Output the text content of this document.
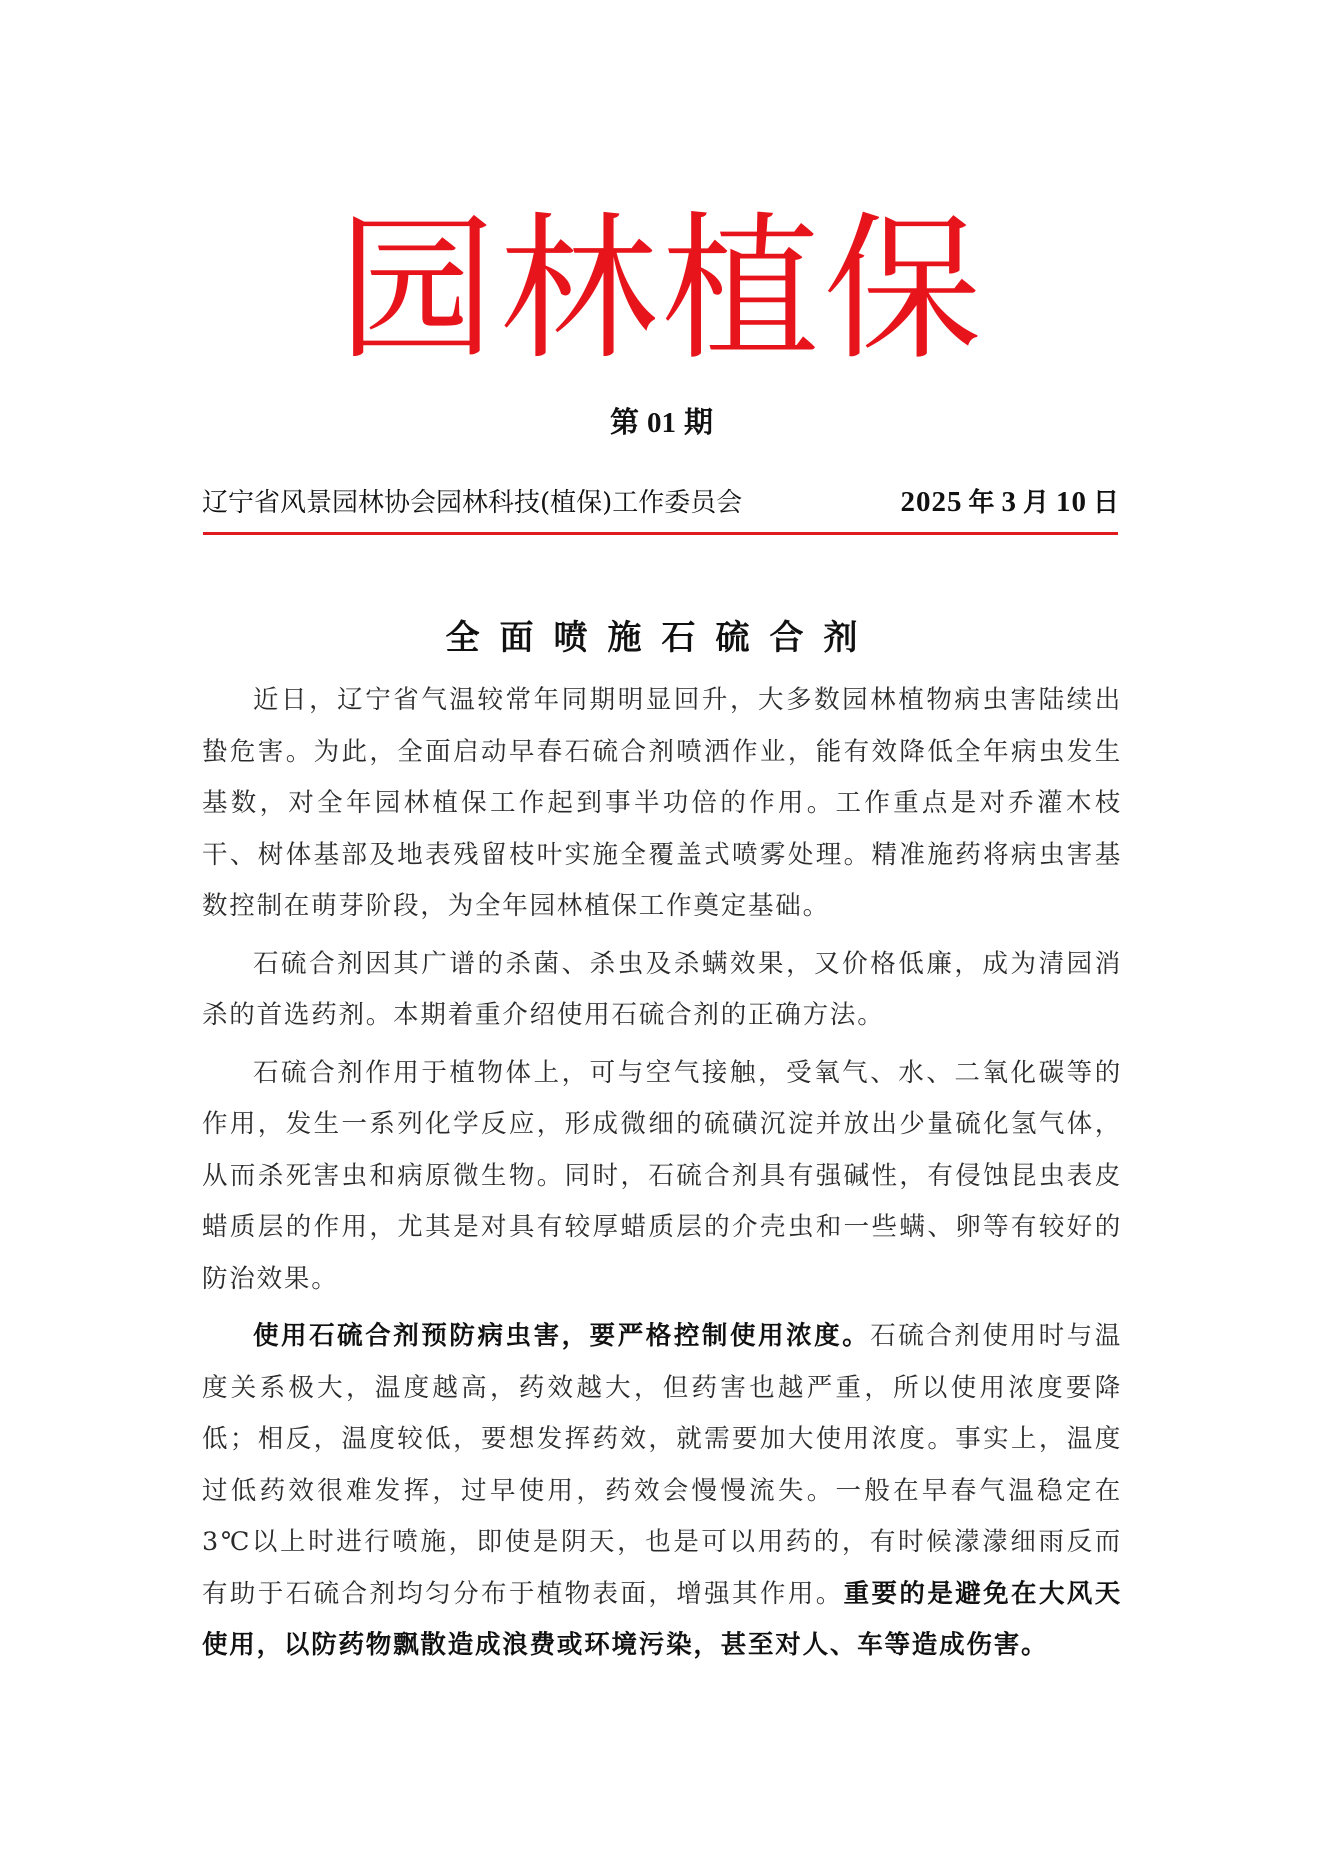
园林植保
第 01 期
辽宁省风景园林协会园林科技(植保)工作委员会	2025 年 3 月 10 日
全面喷施石硫合剂

近日，辽宁省气温较常年同期明显回升，大多数园林植物病虫害陆续出蛰危害。为此，全面启动早春石硫合剂喷洒作业，能有效降低全年病虫发生基数，对全年园林植保工作起到事半功倍的作用。工作重点是对乔灌木枝干、树体基部及地表残留枝叶实施全覆盖式喷雾处理。精准施药将病虫害基数控制在萌芽阶段，为全年园林植保工作奠定基础。

石硫合剂因其广谱的杀菌、杀虫及杀螨效果，又价格低廉，成为清园消杀的首选药剂。本期着重介绍使用石硫合剂的正确方法。

石硫合剂作用于植物体上，可与空气接触，受氧气、水、二氧化碳等的作用，发生一系列化学反应，形成微细的硫磺沉淀并放出少量硫化氢气体，从而杀死害虫和病原微生物。同时，石硫合剂具有强碱性，有侵蚀昆虫表皮蜡质层的作用，尤其是对具有较厚蜡质层的介壳虫和一些螨、卵等有较好的防治效果。

使用石硫合剂预防病虫害，要严格控制使用浓度。石硫合剂使用时与温度关系极大，温度越高，药效越大，但药害也越严重，所以使用浓度要降低；相反，温度较低，要想发挥药效，就需要加大使用浓度。事实上，温度过低药效很难发挥，过早使用，药效会慢慢流失。一般在早春气温稳定在3℃以上时进行喷施，即使是阴天，也是可以用药的，有时候濛濛细雨反而有助于石硫合剂均匀分布于植物表面，增强其作用。重要的是避免在大风天使用，以防药物飘散造成浪费或环境污染，甚至对人、车等造成伤害。
